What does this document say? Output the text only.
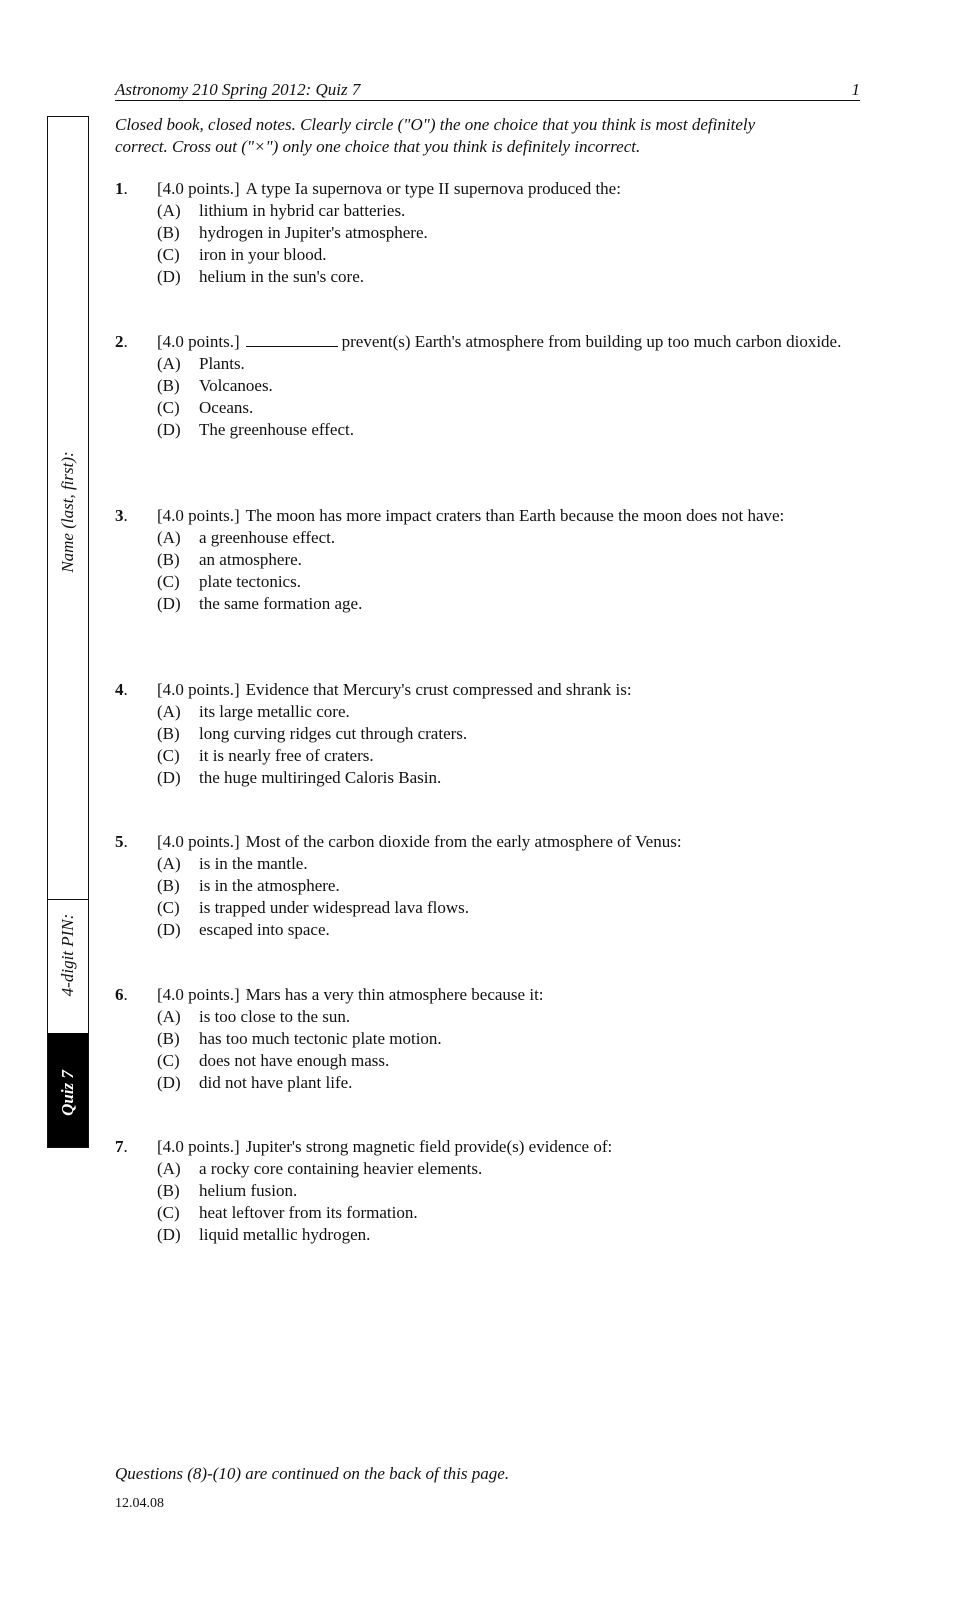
Astronomy 210 Spring 2012: Quiz 7	1
Closed book, closed notes. Clearly circle ("O") the one choice that you think is most definitely
correct. Cross out ("×") only one choice that you think is definitely incorrect.
Name (last, first):
4-digit PIN:
Quiz 7
1. [4.0 points.] A type Ia supernova or type II supernova produced the:
(A) lithium in hybrid car batteries.
(B) hydrogen in Jupiter's atmosphere.
(C) iron in your blood.
(D) helium in the sun's core.
2. [4.0 points.]	prevent(s) Earth's atmosphere from building up too much carbon dioxide.
(A) Plants.
(B) Volcanoes.
(C) Oceans.
(D) The greenhouse effect.
3. [4.0 points.] The moon has more impact craters than Earth because the moon does not have:
(A) a greenhouse effect.
(B) an atmosphere.
(C) plate tectonics.
(D) the same formation age.
4. [4.0 points.] Evidence that Mercury's crust compressed and shrank is:
(A) its large metallic core.
(B) long curving ridges cut through craters.
(C) it is nearly free of craters.
(D) the huge multiringed Caloris Basin.
5. [4.0 points.] Most of the carbon dioxide from the early atmosphere of Venus:
(A) is in the mantle.
(B) is in the atmosphere.
(C) is trapped under widespread lava flows.
(D) escaped into space.
6. [4.0 points.] Mars has a very thin atmosphere because it:
(A) is too close to the sun.
(B) has too much tectonic plate motion.
(C) does not have enough mass.
(D) did not have plant life.
7. [4.0 points.] Jupiter's strong magnetic field provide(s) evidence of:
(A) a rocky core containing heavier elements.
(B) helium fusion.
(C) heat leftover from its formation.
(D) liquid metallic hydrogen.
Questions (8)-(10) are continued on the back of this page.
12.04.08
